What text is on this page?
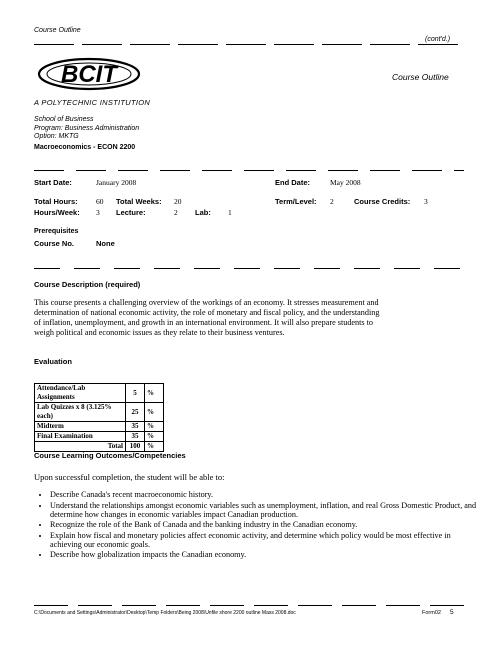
Course Outline
(cont'd.)
BCIT
A POLYTECHNIC INSTITUTION
Course Outline
School of Business
Program: Business Administration
Option: MKTG
Macroeconomics - ECON 2200
Start Date:	January 2008	End Date:	May 2008
Total Hours: 60 Total Weeks: 20	Term/Level: 2	Course Credits: 3
Hours/Week: 3 Lecture:	2 Lab: 1
Prerequisites
Course No.	None
Course Description (required)
This course presents a challenging overview of the workings of an economy. It stresses measurement and
determination of national economic activity, the role of monetary and fiscal policy, and the understanding
of inflation, unemployment, and growth in an international environment. It will also prepare students to
weigh political and economic issues as they relate to their business ventures.
Evaluation
Attendance/Lab Assignments	5	%
Lab Quizzes x 8 (3.125% each)	25	%
Midterm	35	%
Final Examination	35	%
Total	100	%
Course Learning Outcomes/Competencies
Upon successful completion, the student will be able to:
• Describe Canada's recent macroeconomic history.
• Understand the relationships amongst economic variables such as unemployment, inflation, and real Gross Domestic Product, and determine how changes in economic variables impact Canadian production.
• Recognize the role of the Bank of Canada and the banking industry in the Canadian economy.
• Explain how fiscal and monetary policies affect economic activity, and determine which policy would be most effective in achieving our economic goals.
• Describe how globalization impacts the Canadian economy.
C:\Documents and Settings\Administrator\Desktop\Temp Folders\Being 2008\Unfile shore 2200 outline Mass 2008.doc	Form02 5
